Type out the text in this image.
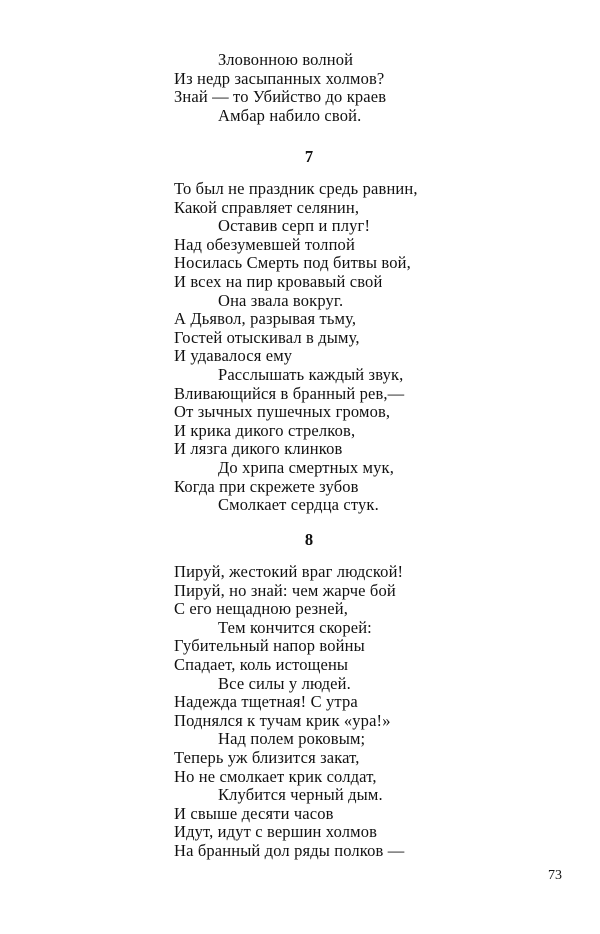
Зловонною волной
Из недр засыпанных холмов?
Знай — то Убийство до краев
Амбар набило свой.
7
То был не праздник средь равнин,
Какой справляет селянин,
Оставив серп и плуг!
Над обезумевшей толпой
Носилась Смерть под битвы вой,
И всех на пир кровавый свой
Она звала вокруг.
А Дьявол, разрывая тьму,
Гостей отыскивал в дыму,
И удавалося ему
Расслышать каждый звук,
Вливающийся в бранный рев,—
От зычных пушечных громов,
И крика дикого стрелков,
И лязга дикого клинков
До хрипа смертных мук,
Когда при скрежете зубов
Смолкает сердца стук.
8
Пируй, жестокий враг людской!
Пируй, но знай: чем жарче бой
С его нещадною резней,
Тем кончится скорей:
Губительный напор войны
Спадает, коль истощены
Все силы у людей.
Надежда тщетная! С утра
Поднялся к тучам крик «ура!»
Над полем роковым;
Теперь уж близится закат,
Но не смолкает крик солдат,
Клубится черный дым.
И свыше десяти часов
Идут, идут с вершин холмов
На бранный дол ряды полков —
73
